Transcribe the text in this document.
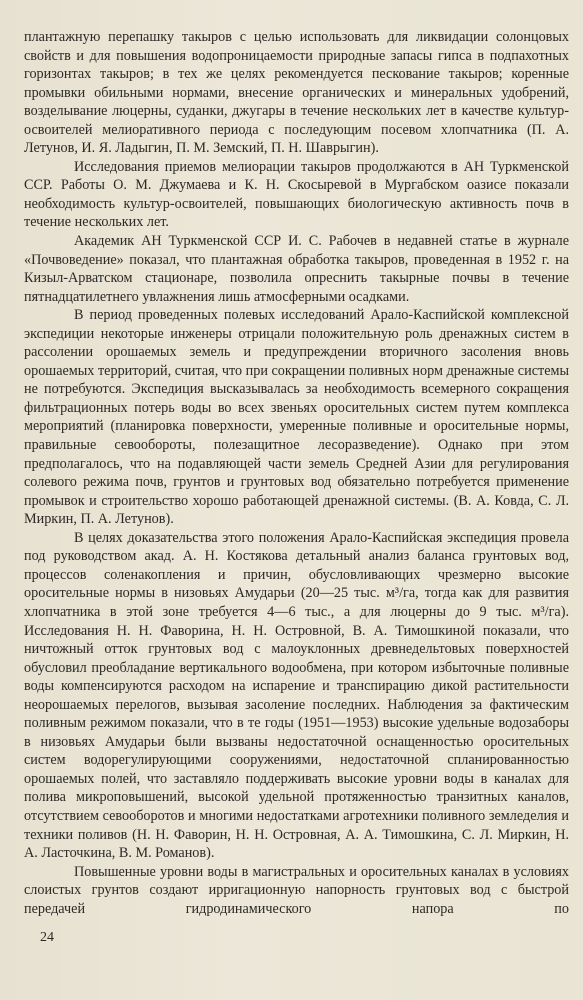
плантажную перепашку такыров с целью использовать для ликвидации солонцовых свойств и для повышения водопроницаемости природные запасы гипса в подпахотных горизонтах такыров; в тех же целях рекомендуется пескование такыров; коренные промывки обильными нормами, внесение органических и минеральных удобрений, возделывание люцерны, суданки, джугары в течение нескольких лет в качестве культур-освоителей мелиоративного периода с последующим посевом хлопчатника (П. А. Летунов, И. Я. Ладыгин, П. М. Земский, П. Н. Шаврыгин).

Исследования приемов мелиорации такыров продолжаются в АН Туркменской ССР. Работы О. М. Джумаева и К. Н. Скосыревой в Мургабском оазисе показали необходимость культур-освоителей, повышающих биологическую активность почв в течение нескольких лет.

Академик АН Туркменской ССР И. С. Рабочев в недавней статье в журнале «Почвоведение» показал, что плантажная обработка такыров, проведенная в 1952 г. на Кизыл-Арватском стационаре, позволила опреснить такырные почвы в течение пятнадцатилетнего увлажнения лишь атмосферными осадками.

В период проведенных полевых исследований Арало-Каспийской комплексной экспедиции некоторые инженеры отрицали положительную роль дренажных систем в рассолении орошаемых земель и предупреждении вторичного засоления вновь орошаемых территорий, считая, что при сокращении поливных норм дренажные системы не потребуются. Экспедиция высказывалась за необходимость всемерного сокращения фильтрационных потерь воды во всех звеньях оросительных систем путем комплекса мероприятий (планировка поверхности, умеренные поливные и оросительные нормы, правильные севообороты, полезащитное лесоразведение). Однако при этом предполагалось, что на подавляющей части земель Средней Азии для регулирования солевого режима почв, грунтов и грунтовых вод обязательно потребуется применение промывок и строительство хорошо работающей дренажной системы. (В. А. Ковда, С. Л. Миркин, П. А. Летунов).

В целях доказательства этого положения Арало-Каспийская экспедиция провела под руководством акад. А. Н. Костякова детальный анализ баланса грунтовых вод, процессов соленакопления и причин, обусловливающих чрезмерно высокие оросительные нормы в низовьях Амударьи (20—25 тыс. м³/га, тогда как для развития хлопчатника в этой зоне требуется 4—6 тыс., а для люцерны до 9 тыс. м³/га). Исследования Н. Н. Фаворина, Н. Н. Островной, В. А. Тимошкиной показали, что ничтожный отток грунтовых вод с малоуклонных древнедельтовых поверхностей обусловил преобладание вертикального водообмена, при котором избыточные поливные воды компенсируются расходом на испарение и транспирацию дикой растительности неорошаемых перелогов, вызывая засоление последних. Наблюдения за фактическим поливным режимом показали, что в те годы (1951—1953) высокие удельные водозаборы в низовьях Амударьи были вызваны недостаточной оснащенностью оросительных систем водорегулирующими сооружениями, недостаточной спланированностью орошаемых полей, что заставляло поддерживать высокие уровни воды в каналах для полива микроповышений, высокой удельной протяженностью транзитных каналов, отсутствием севооборотов и многими недостатками агротехники поливного земледелия и техники поливов (Н. Н. Фаворин, Н. Н. Островная, А. А. Тимошкина, С. Л. Миркин, Н. А. Ласточкина, В. М. Романов).

Повышенные уровни воды в магистральных и оросительных каналах в условиях слоистых грунтов создают ирригационную напорность грунтовых вод с быстрой передачей гидродинамического напора по

24
